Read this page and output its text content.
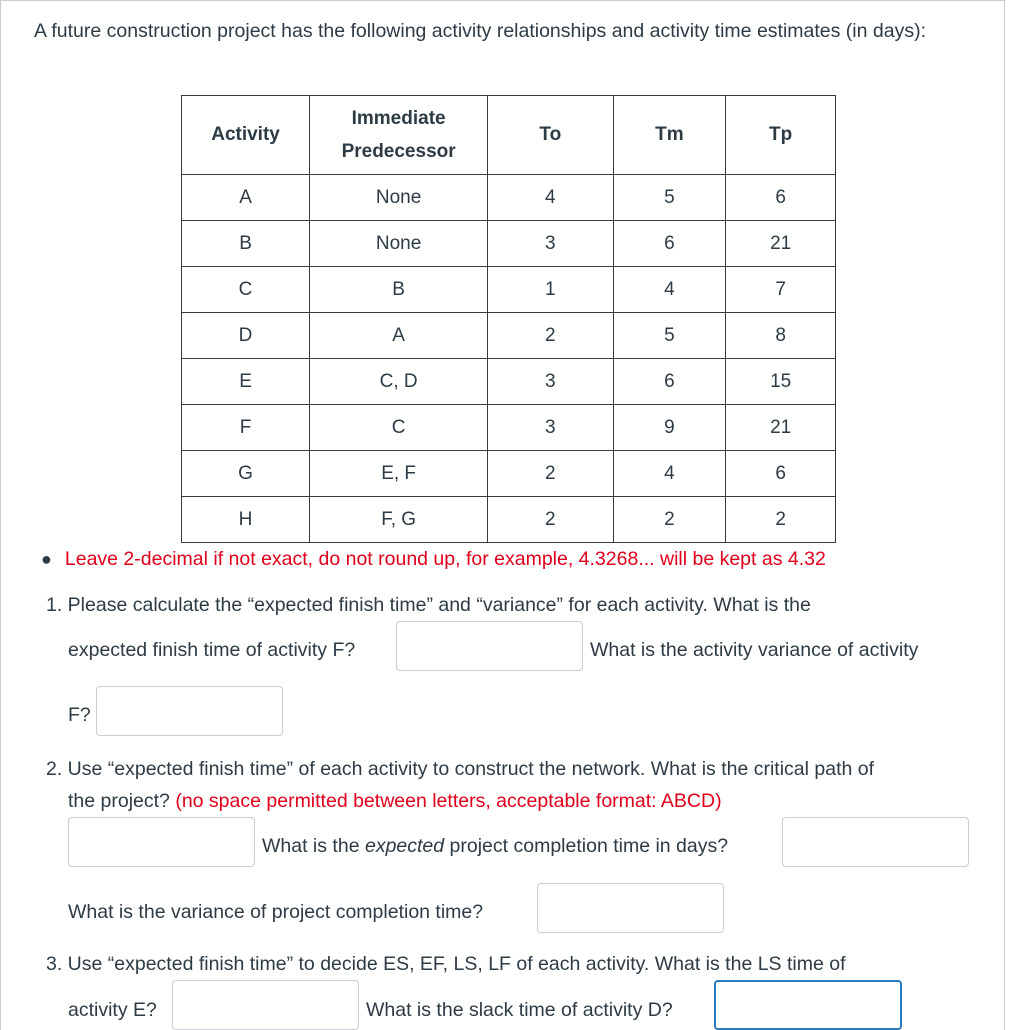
A future construction project has the following activity relationships and activity time estimates (in days):
Activity	Immediate
Predecessor	To	Tm	Tp
A	None	4	5	6
B	None	3	6	21
C	B	1	4	7
D	A	2	5	8
E	C, D	3	6	15
F	C	3	9	21
G	E, F	2	4	6
H	F, G	2	2	2
● Leave 2-decimal if not exact, do not round up, for example, 4.3268... will be kept as 4.32
1. Please calculate the “expected finish time” and “variance” for each activity. What is the
expected finish time of activity F?	What is the activity variance of activity
F?
2. Use “expected finish time” of each activity to construct the network. What is the critical path of
the project? (no space permitted between letters, acceptable format: ABCD)
What is the expected project completion time in days?
What is the variance of project completion time?
3. Use “expected finish time” to decide ES, EF, LS, LF of each activity. What is the LS time of
activity E?	What is the slack time of activity D?
